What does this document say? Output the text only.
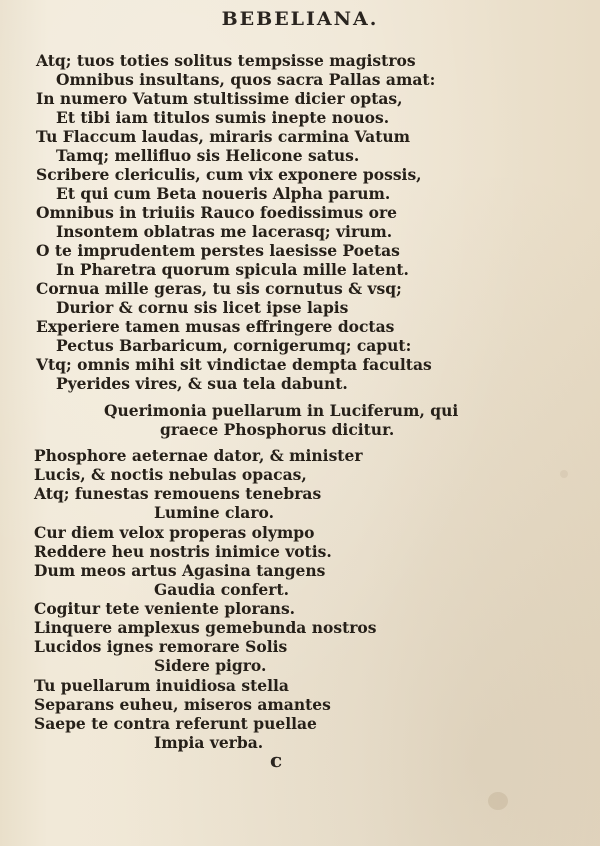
BEBELIANA.
Atq; tuos toties solitus tempsisse magistros
Omnibus insultans, quos sacra Pallas amat:
In numero Vatum stultissime dicier optas,
Et tibi iam titulos sumis inepte nouos.
Tu Flaccum laudas, miraris carmina Vatum
Tamq; mellifluo sis Helicone satus.
Scribere clericulis, cum vix exponere possis,
Et qui cum Beta noueris Alpha parum.
Omnibus in triuiis Rauco foedissimus ore
Insontem oblatras me lacerasq; virum.
O te imprudentem perstes laesisse Poetas
In Pharetra quorum spicula mille latent.
Cornua mille geras, tu sis cornutus & vsq;
Durior & cornu sis licet ipse lapis
Experiere tamen musas effringere doctas
Pectus Barbaricum, cornigerumq; caput:
Vtq; omnis mihi sit vindictae dempta facultas
Pyerides vires, & sua tela dabunt.
Querimonia puellarum in Luciferum, qui
graece Phosphorus dicitur.
Phosphore aeternae dator, & minister
Lucis, & noctis nebulas opacas,
Atq; funestas remouens tenebras
Lumine claro.
Cur diem velox properas olympo
Reddere heu nostris inimice votis.
Dum meos artus Agasina tangens
Gaudia confert.
Cogitur tete veniente plorans.
Linquere amplexus gemebunda nostros
Lucidos ignes remorare Solis
Sidere pigro.
Tu puellarum inuidiosa stella
Separans euheu, miseros amantes
Saepe te contra referunt puellae
Impia verba.
c
